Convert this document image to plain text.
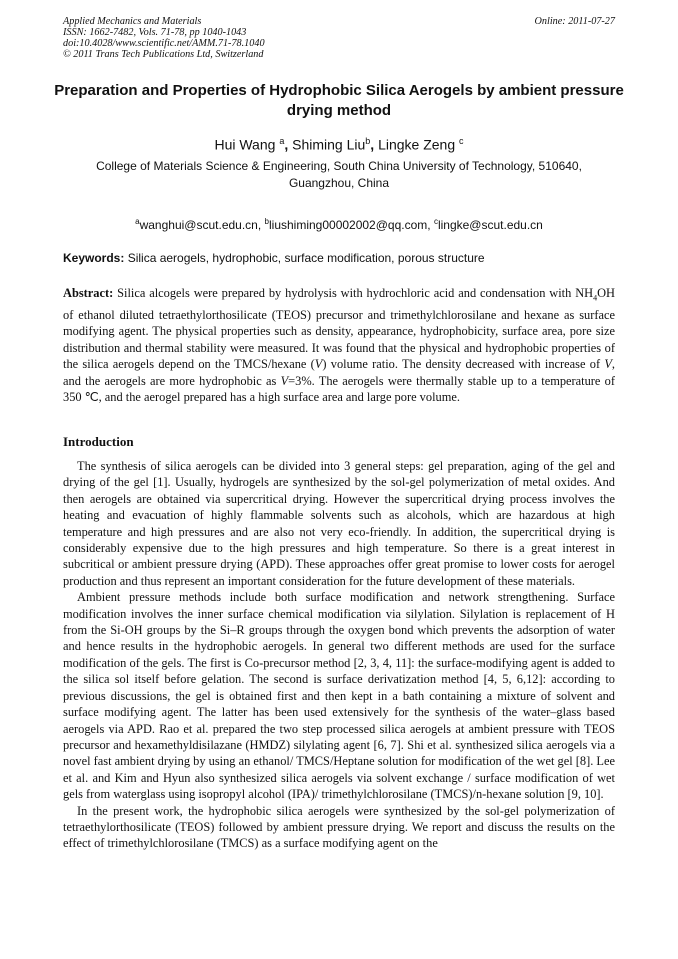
Applied Mechanics and Materials
ISSN: 1662-7482, Vols. 71-78, pp 1040-1043
doi:10.4028/www.scientific.net/AMM.71-78.1040
© 2011 Trans Tech Publications Ltd, Switzerland
Online: 2011-07-27
Preparation and Properties of Hydrophobic Silica Aerogels by ambient pressure drying method
Hui Wang $^a$, Shiming Liu$^b$, Lingke Zeng $^c$
College of Materials Science & Engineering, South China University of Technology, 510640, Guangzhou, China
$^a$wanghui@scut.edu.cn, $^b$liushiming00002002@qq.com, $^c$lingke@scut.edu.cn
Keywords: Silica aerogels, hydrophobic, surface modification, porous structure
Abstract: Silica alcogels were prepared by hydrolysis with hydrochloric acid and condensation with $NH_4OH$ of ethanol diluted tetraethylorthosilicate (TEOS) precursor and trimethylchlorosilane and hexane as surface modifying agent. The physical properties such as density, appearance, hydrophobicity, surface area, pore size distribution and thermal stability were measured. It was found that the physical and hydrophobic properties of the silica aerogels depend on the TMCS/hexane (V) volume ratio. The density decreased with increase of V, and the aerogels are more hydrophobic as V=3%. The aerogels were thermally stable up to a temperature of 350 ℃, and the aerogel prepared has a high surface area and large pore volume.
Introduction

The synthesis of silica aerogels can be divided into 3 general steps: gel preparation, aging of the gel and drying of the gel [1]. Usually, hydrogels are synthesized by the sol-gel polymerization of metal oxides. And then aerogels are obtained via supercritical drying. However the supercritical drying process involves the heating and evacuation of highly flammable solvents such as alcohols, which are hazardous at high temperature and high pressures and are also not very eco-friendly. In addition, the supercritical drying is considerably expensive due to the high pressures and high temperature. So there is a great interest in subcritical or ambient pressure drying (APD). These approaches offer great promise to lower costs for aerogel production and thus represent an important consideration for the future development of these materials.

Ambient pressure methods include both surface modification and network strengthening. Surface modification involves the inner surface chemical modification via silylation. Silylation is replacement of H from the Si-OH groups by the Si–R groups through the oxygen bond which prevents the adsorption of water and hence results in the hydrophobic aerogels. In general two different methods are used for the surface modification of the gels. The first is Co-precursor method [2, 3, 4, 11]: the surface-modifying agent is added to the silica sol itself before gelation. The second is surface derivatization method [4, 5, 6,12]: according to previous discussions, the gel is obtained first and then kept in a bath containing a mixture of solvent and surface modifying agent. The latter has been used extensively for the synthesis of the water–glass based aerogels via APD. Rao et al. prepared the two step processed silica aerogels at ambient pressure with TEOS precursor and hexamethyldisilazane (HMDZ) silylating agent [6, 7]. Shi et al. synthesized silica aerogels via a novel fast ambient drying by using an ethanol/ TMCS/Heptane solution for modification of the wet gel [8]. Lee et al. and Kim and Hyun also synthesized silica aerogels via solvent exchange / surface modification of wet gels from waterglass using isopropyl alcohol (IPA)/ trimethylchlorosilane (TMCS)/n-hexane solution [9, 10].

In the present work, the hydrophobic silica aerogels were synthesized by the sol-gel polymerization of tetraethylorthosilicate (TEOS) followed by ambient pressure drying. We report and discuss the results on the effect of trimethylchlorosilane (TMCS) as a surface modifying agent on the
